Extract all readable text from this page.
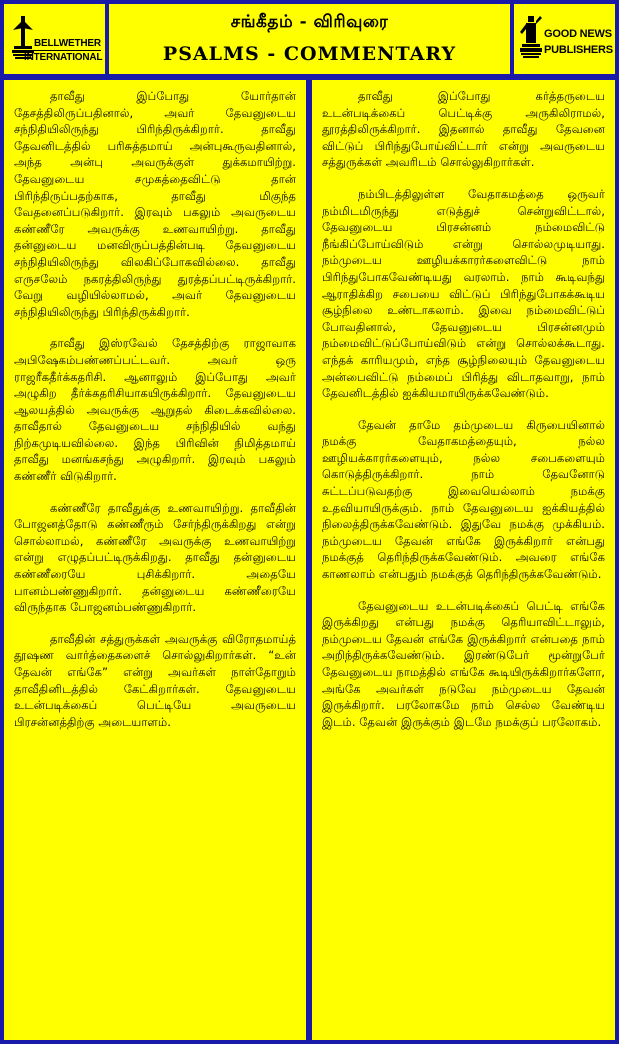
BELLWETHER
INTERNATIONAL
சங்கீதம் - விரிவுரை
PSALMS - COMMENTARY
GOOD NEWS
PUBLISHERS

தாவீது இப்போது யோர்தான் தேசத்திலிருப்பதினால், அவர் தேவனுடைய சந்நிதியிலிருந்து பிரிந்திருக்கிறார். தாவீது தேவனிடத்தில் பரிசுத்தமாய் அன்புகூருவதினால், அந்த அன்பு அவருக்குள் துக்கமாயிற்று. தேவனுடைய சமுகத்தைவிட்டு தான் பிரிந்திருப்பதற்காக, தாவீது மிகுந்த வேதனைப்படுகிறார். இரவும் பகலும் அவருடைய கண்ணீரே அவருக்கு உணவாயிற்று. தாவீது தன்னுடைய மனவிருப்பத்தின்படி தேவனுடைய சந்நிதியிலிருந்து விலகிப்போகவில்லை. தாவீது எருசலேம் நகரத்திலிருந்து துரத்தப்பட்டிருக்கிறார். வேறு வழியில்லாமல், அவர் தேவனுடைய சந்நிதியிலிருந்து பிரிந்திருக்கிறார்.

தாவீது இஸ்ரவேல் தேசத்திற்கு ராஜாவாக அபிஷேகம்பண்ணப்பட்டவர். அவர் ஒரு ராஜரீகதீர்க்கதரிசி. ஆனாலும் இப்போது அவர் அழுகிற தீர்க்கதரிசியாகயிருக்கிறார். தேவனுடைய ஆலயத்தில் அவருக்கு ஆறுதல் கிடைக்கவில்லை. தாவீதால் தேவனுடைய சந்நிதியில் வந்து நிற்கமுடியவில்லை. இந்த பிரிவின் நிமித்தமாய் தாவீது மனங்கசந்து அழுகிறார். இரவும் பகலும் கண்ணீர் விடுகிறார்.

கண்ணீரே தாவீதுக்கு உணவாயிற்று. தாவீதின் போஜனத்தோடு கண்ணீரும் சேர்ந்திருக்கிறது என்று சொல்லாமல், கண்ணீரே அவருக்கு உணவாயிற்று என்று எழுதப்பட்டிருக்கிறது. தாவீது தன்னுடைய கண்ணீரையே புசிக்கிறார். அதையே பானம்பண்ணுகிறார். தன்னுடைய கண்ணீரையே விருந்தாக போஜனம்பண்ணுகிறார்.

தாவீதின் சத்துருக்கள் அவருக்கு விரோதமாய்த் தூஷண வார்த்தைகளைச் சொல்லுகிறார்கள். “உன் தேவன் எங்கே” என்று அவர்கள் நாள்தோறும் தாவீதினிடத்தில் கேட்கிறார்கள். தேவனுடைய உடன்படிக்கைப் பெட்டியே அவருடைய பிரசன்னத்திற்கு அடையாளம்.

தாவீது இப்போது கர்த்தருடைய உடன்படிக்கைப் பெட்டிக்கு அருகிலிராமல், தூரத்திலிருக்கிறார். இதனால் தாவீது தேவனை விட்டுப் பிரிந்துபோய்விட்டார் என்று அவருடைய சத்துருக்கள் அவரிடம் சொல்லுகிறார்கள்.

நம்பிடத்திலுள்ள வேதாகமத்தை ஒருவர் நம்மிடமிருந்து எடுத்துச் சென்றுவிட்டால், தேவனுடைய பிரசன்னம் நம்மைவிட்டு நீங்கிப்போய்விடும் என்று சொல்லமுடியாது. நம்முடைய ஊழியக்காரர்களைவிட்டு நாம் பிரிந்துபோகவேண்டியது வரலாம். நாம் கூடிவந்து ஆராதிக்கிற சபையை விட்டுப் பிரிந்துபோகக்கூடிய சூழ்நிலை உண்டாகலாம். இவை நம்மைவிட்டுப் போவதினால், தேவனுடைய பிரசன்னமும் நம்மைவிட்டுப்போய்விடும் என்று சொல்லக்கூடாது. எந்தக் காரியமும், எந்த சூழ்நிலையும் தேவனுடைய அன்பைவிட்டு நம்மைப் பிரித்து விடாதவாறு, நாம் தேவனிடத்தில் ஐக்கியமாயிருக்கவேண்டும்.

தேவன் தாமே தம்முடைய கிருபையினால் நமக்கு வேதாகமத்தையும், நல்ல ஊழியக்காரர்களையும், நல்ல சபைகளையும் கொடுத்திருக்கிறார். நாம் தேவனோடு சுட்டப்படுவதற்கு இவையெல்லாம் நமக்கு உதவியாயிருக்கும். நாம் தேவனுடைய ஐக்கியத்தில் நிலைத்திருக்கவேண்டும். இதுவே நமக்கு முக்கியம். நம்முடைய தேவன் எங்கே இருக்கிறார் என்பது நமக்குத் தெரிந்திருக்கவேண்டும். அவரை எங்கே காணலாம் என்பதும் நமக்குத் தெரிந்திருக்கவேண்டும்.

தேவனுடைய உடன்படிக்கைப் பெட்டி எங்கே இருக்கிறது என்பது நமக்கு தெரியாவிட்டாலும், நம்முடைய தேவன் எங்கே இருக்கிறார் என்பதை நாம் அறிந்திருக்கவேண்டும். இரண்டுபேர் மூன்றுபேர் தேவனுடைய நாமத்தில் எங்கே கூடியிருக்கிறார்களோ, அங்கே அவர்கள் நடுவே நம்முடைய தேவன் இருக்கிறார். பரலோகமே நாம் செல்ல வேண்டிய இடம். தேவன் இருக்கும் இடமே நமக்குப் பரலோகம்.
